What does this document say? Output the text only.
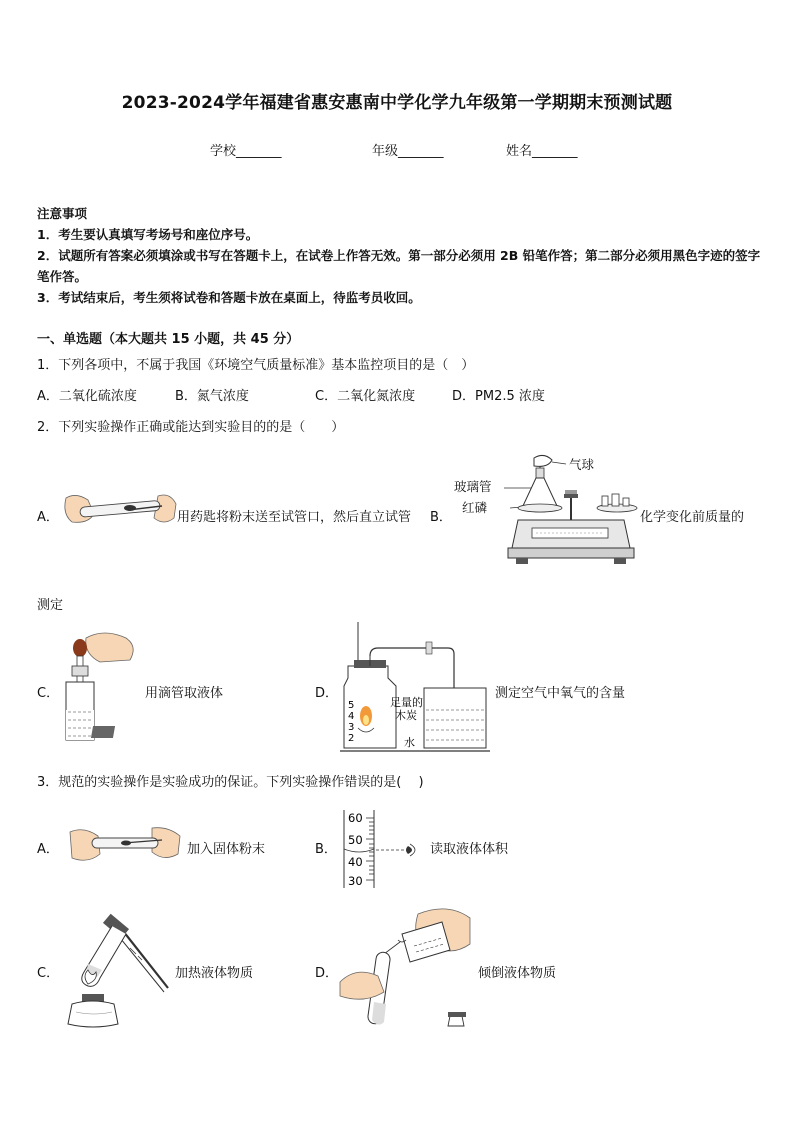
2023-2024学年福建省惠安惠南中学化学九年级第一学期期末预测试题
学校_______	年级_______	姓名_______
注意事项
1．考生要认真填写考场号和座位序号。
2．试题所有答案必须填涂或书写在答题卡上，在试卷上作答无效。第一部分必须用 2B 铅笔作答；第二部分必须用黑色字迹的签字笔作答。
3．考试结束后，考生须将试卷和答题卡放在桌面上，待监考员收回。
一、单选题（本大题共 15 小题，共 45 分）
1．下列各项中，不属于我国《环境空气质量标准》基本监控项目的是（　）
A．二氧化硫浓度	B．氮气浓度	C．二氧化氮浓度	D．PM2.5 浓度
2．下列实验操作正确或能达到实验目的的是（　　）
A．	用药匙将粉末送至试管口，然后直立试管 B．
气球
玻璃管
红磷
化学变化前质量的
测定
C．	用滴管取液体	D．
5
4
3
2
足量的
木炭
水
测定空气中氧气的含量
3．规范的实验操作是实验成功的保证。下列实验操作错误的是(　 )
A．	加入固体粉末	B．
60
50
40
30
读取液体体积
C．	加热液体物质	D．	倾倒液体物质
